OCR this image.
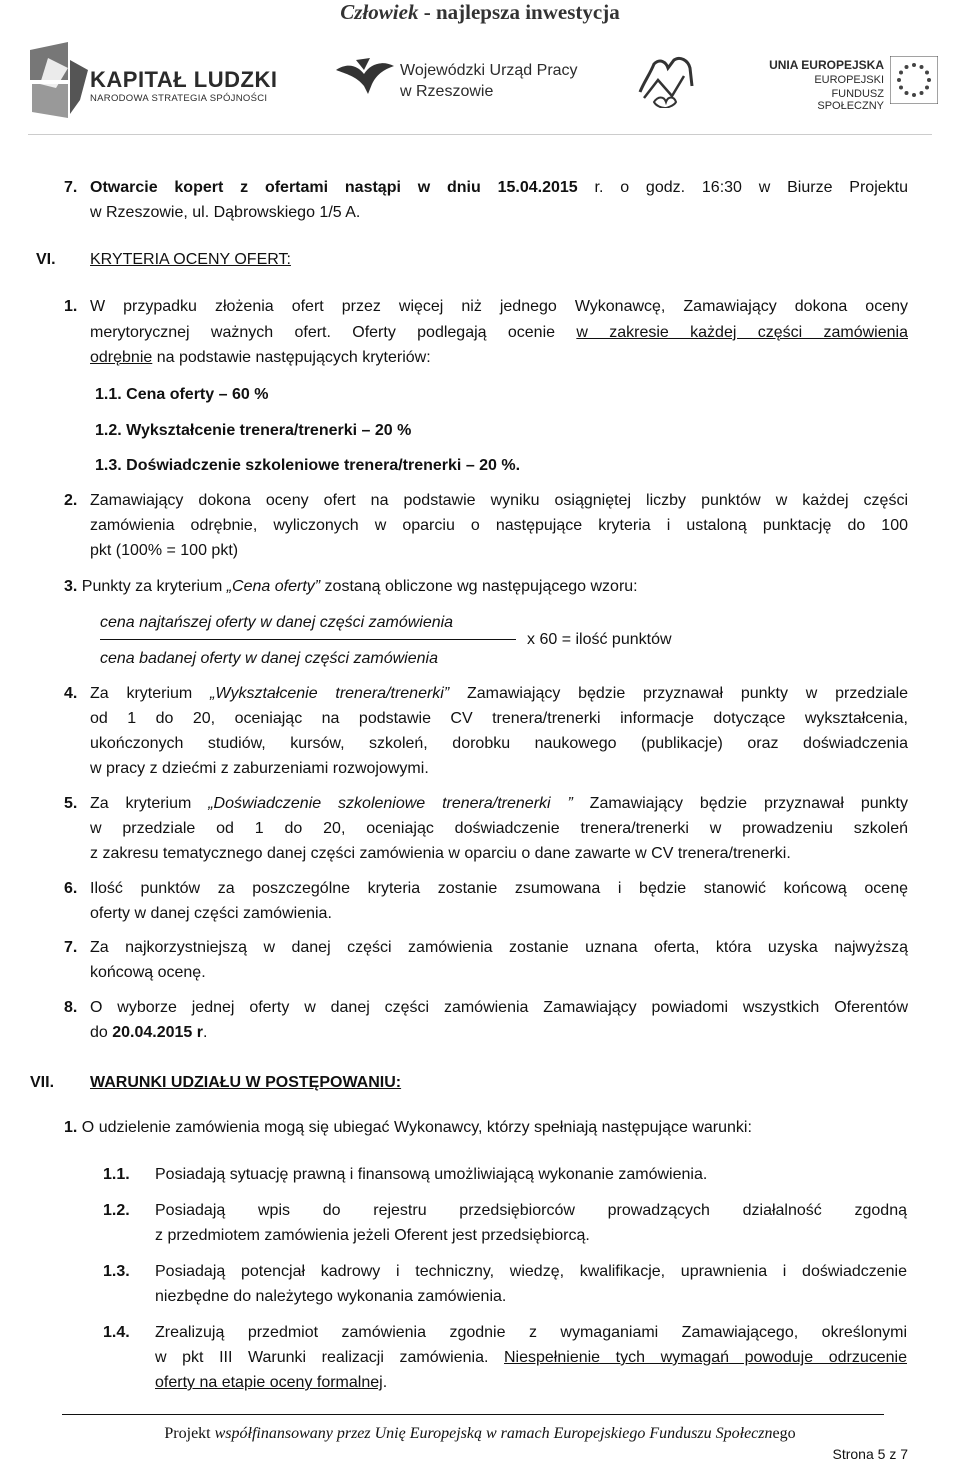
Człowiek - najlepsza inwestycja
KAPITAŁ LUDZKI
NARODOWA STRATEGIA SPÓJNOŚCI
Wojewódzki Urząd Pracy
w Rzeszowie
UNIA EUROPEJSKA
EUROPEJSKI
FUNDUSZ SPOŁECZNY
7. Otwarcie kopert z ofertami nastąpi w dniu 15.04.2015 r. o godz. 16:30 w Biurze Projektu
w Rzeszowie, ul. Dąbrowskiego 1/5 A.
VI. KRYTERIA OCENY OFERT:
1. W przypadku złożenia ofert przez więcej niż jednego Wykonawcę, Zamawiający dokona oceny
merytorycznej ważnych ofert. Oferty podlegają ocenie w zakresie każdej części zamówienia
odrębnie na podstawie następujących kryteriów:
1.1. Cena oferty – 60 %
1.2. Wykształcenie trenera/trenerki – 20 %
1.3. Doświadczenie szkoleniowe trenera/trenerki – 20 %.
2. Zamawiający dokona oceny ofert na podstawie wyniku osiągniętej liczby punktów w każdej części
zamówienia odrębnie, wyliczonych w oparciu o następujące kryteria i ustaloną punktację do 100
pkt (100% = 100 pkt)
3. Punkty za kryterium „Cena oferty” zostaną obliczone wg następującego wzoru:
cena najtańszej oferty w danej części zamówienia
x 60 = ilość punktów
cena badanej oferty w danej części zamówienia
4. Za kryterium „Wykształcenie trenera/trenerki” Zamawiający będzie przyznawał punkty w przedziale
od 1 do 20, oceniając na podstawie CV trenera/trenerki informacje dotyczące wykształcenia,
ukończonych studiów, kursów, szkoleń, dorobku naukowego (publikacje) oraz doświadczenia
w pracy z dziećmi z zaburzeniami rozwojowymi.
5. Za kryterium „Doświadczenie szkoleniowe trenera/trenerki ” Zamawiający będzie przyznawał punkty
w przedziale od 1 do 20, oceniając doświadczenie trenera/trenerki w prowadzeniu szkoleń
z zakresu tematycznego danej części zamówienia w oparciu o dane zawarte w CV trenera/trenerki.
6. Ilość punktów za poszczególne kryteria zostanie zsumowana i będzie stanowić końcową ocenę
oferty w danej części zamówienia.
7. Za najkorzystniejszą w danej części zamówienia zostanie uznana oferta, która uzyska najwyższą
końcową ocenę.
8. O wyborze jednej oferty w danej części zamówienia Zamawiający powiadomi wszystkich Oferentów
do 20.04.2015 r.
VII. WARUNKI UDZIAŁU W POSTĘPOWANIU:
1. O udzielenie zamówienia mogą się ubiegać Wykonawcy, którzy spełniają następujące warunki:
1.1. Posiadają sytuację prawną i finansową umożliwiającą wykonanie zamówienia.
1.2. Posiadają wpis do rejestru przedsiębiorców prowadzących działalność zgodną
z przedmiotem zamówienia jeżeli Oferent jest przedsiębiorcą.
1.3. Posiadają potencjał kadrowy i techniczny, wiedzę, kwalifikacje, uprawnienia i doświadczenie
niezbędne do należytego wykonania zamówienia.
1.4. Zrealizują przedmiot zamówienia zgodnie z wymaganiami Zamawiającego, określonymi
w pkt III Warunki realizacji zamówienia. Niespełnienie tych wymagań powoduje odrzucenie
oferty na etapie oceny formalnej.
Projekt współfinansowany przez Unię Europejską w ramach Europejskiego Funduszu Społecznego
Strona 5 z 7
